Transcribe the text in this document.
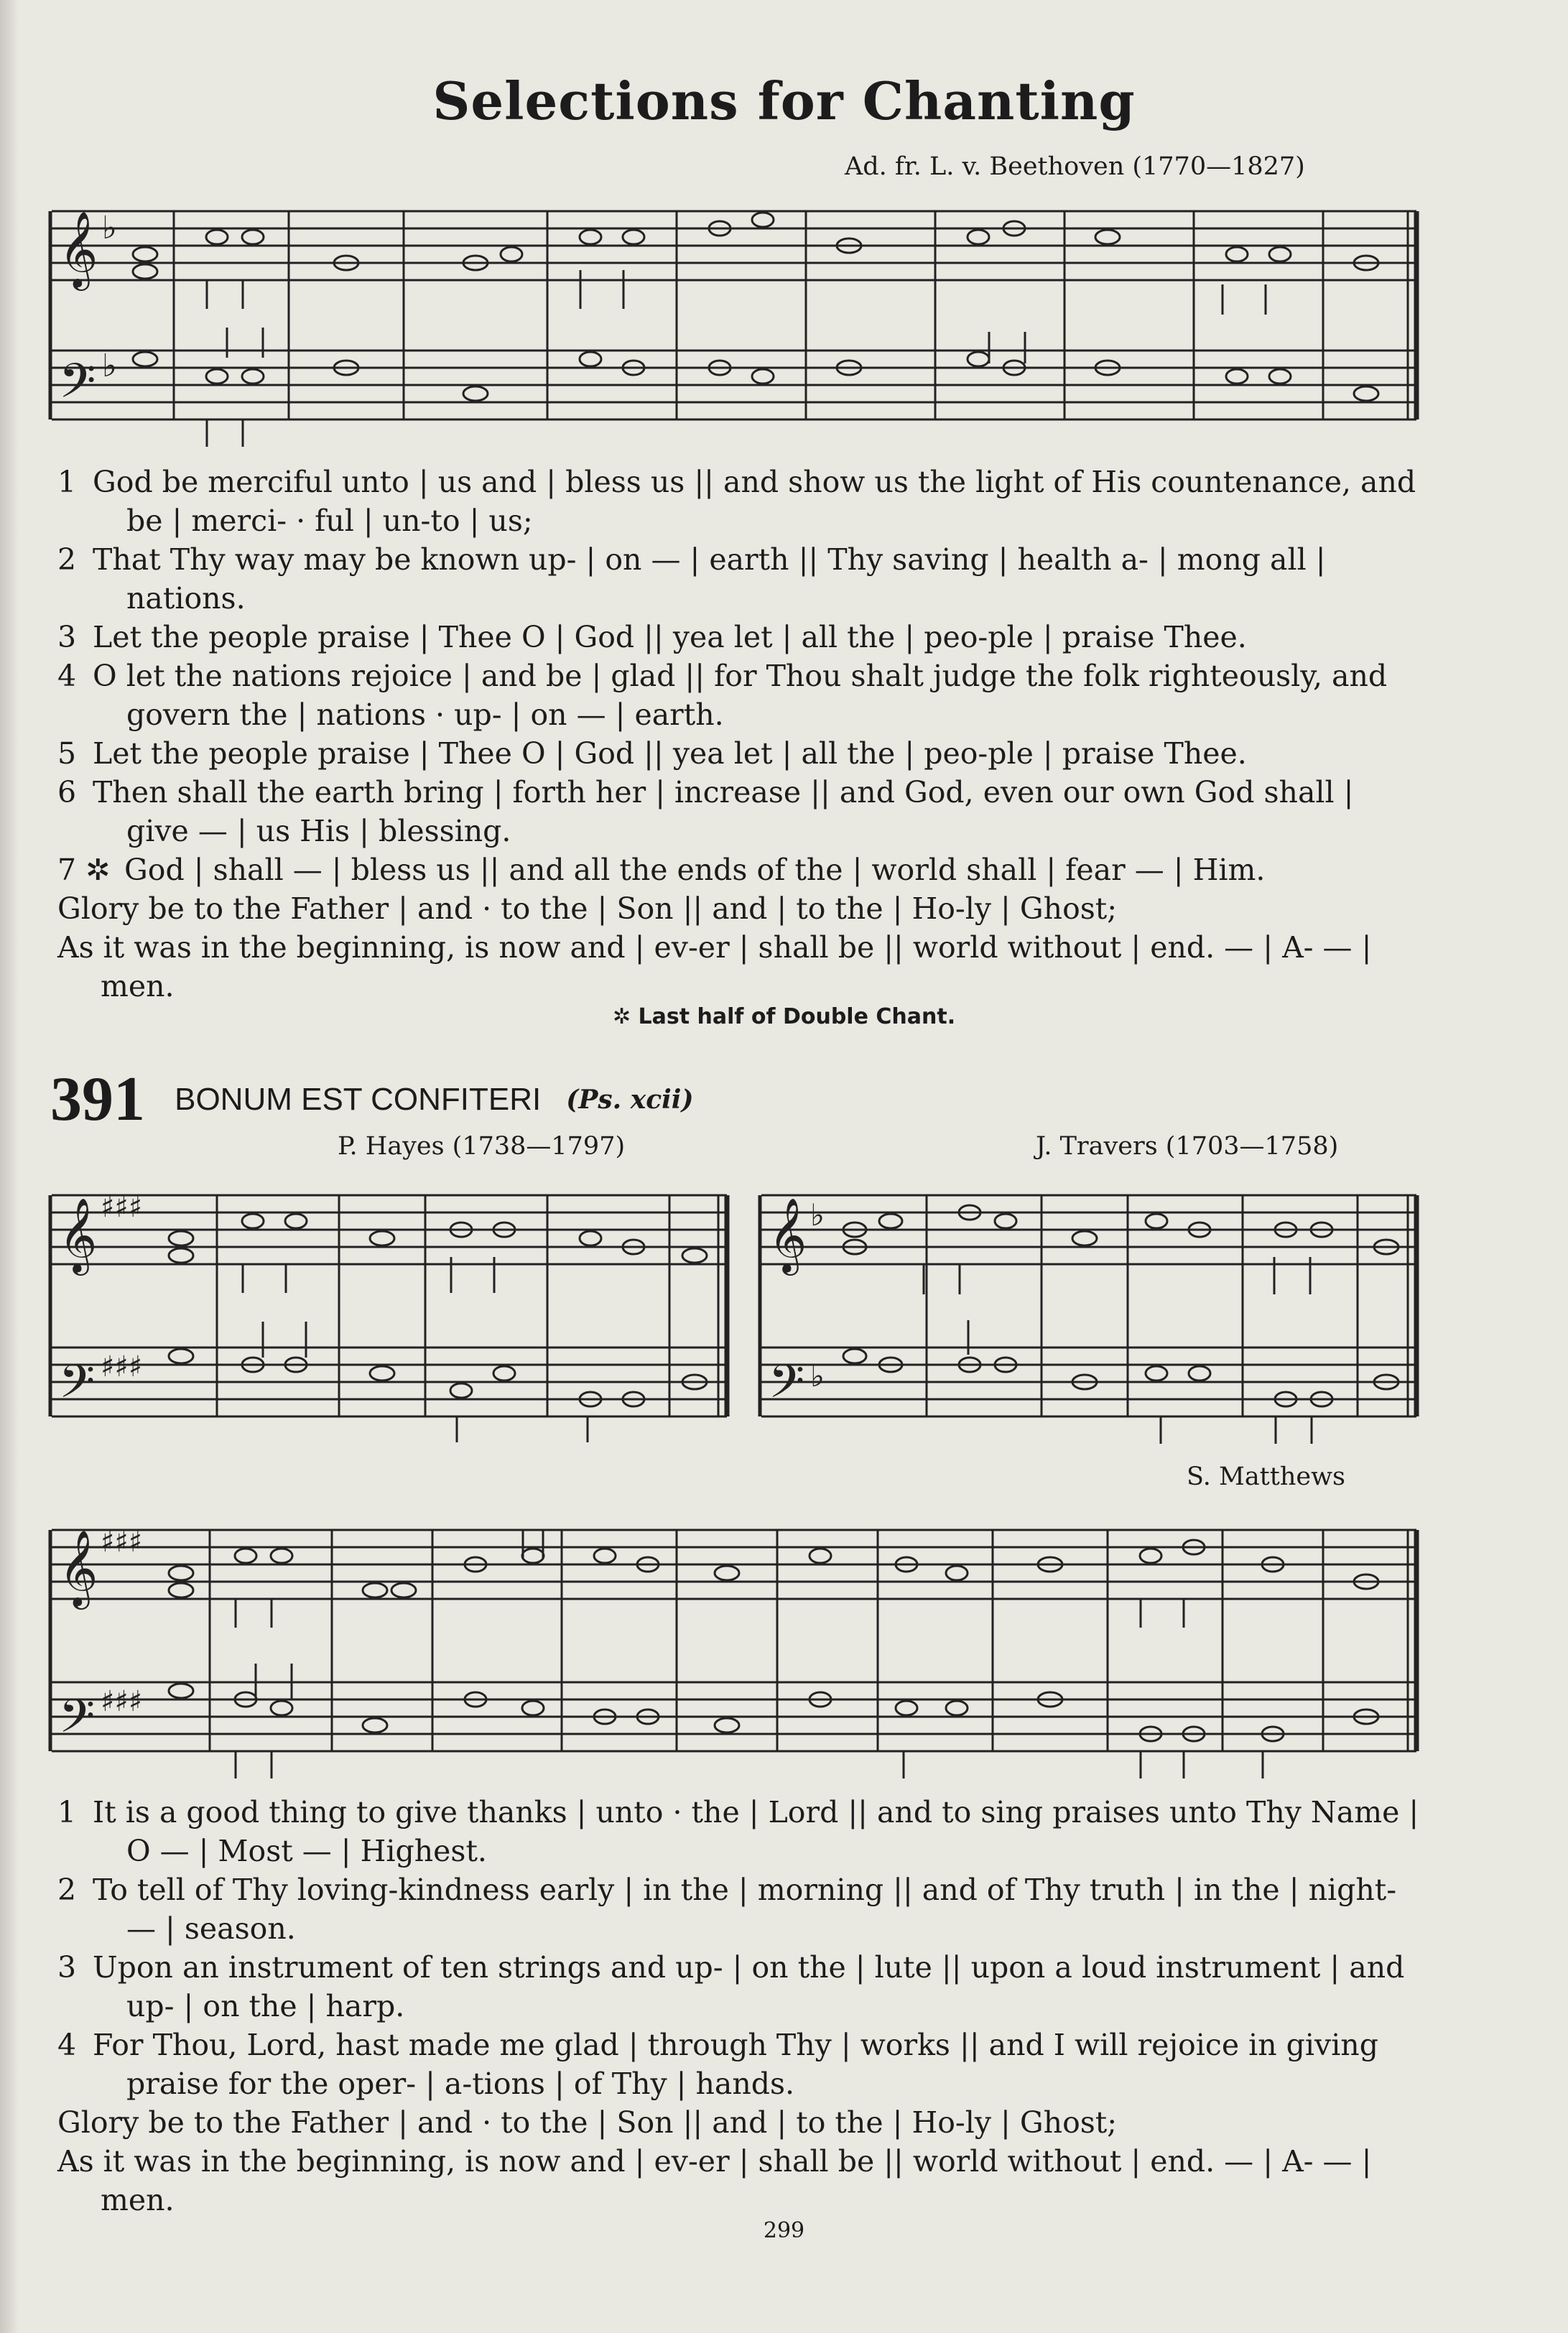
Selections for Chanting
Ad. fr. L. v. Beethoven (1770—1827)
𝄞
𝄢
♭
♭

1 God be merciful unto | us and | bless us || and show us the light of His countenance, and be | merci- · ful | un-to | us;

2 That Thy way may be known up- | on — | earth || Thy saving | health a- | mong all | nations.

3 Let the people praise | Thee O | God || yea let | all the | peo-ple | praise Thee.

4 O let the nations rejoice | and be | glad || for Thou shalt judge the folk righteously, and govern the | nations · up- | on — | earth.

5 Let the people praise | Thee O | God || yea let | all the | peo-ple | praise Thee.

6 Then shall the earth bring | forth her | increase || and God, even our own God shall | give — | us His | blessing.

7 ✲ God | shall — | bless us || and all the ends of the | world shall | fear — | Him.

Glory be to the Father | and · to the | Son || and | to the | Ho-ly | Ghost;

As it was in the beginning, is now and | ev-er | shall be || world without | end. — | A- — | men.

✲ Last half of Double Chant.
391 BONUM EST CONFITERI (Ps. xcii)
P. Hayes (1738—1797)	J. Travers (1703—1758)
𝄞
𝄢
♯♯♯
♯♯♯
𝄞
𝄢
♭
♭
S. Matthews
𝄞
𝄢
♯♯♯
♯♯♯

1 It is a good thing to give thanks | unto · the | Lord || and to sing praises unto Thy Name | O — | Most — | Highest.

2 To tell of Thy loving-kindness early | in the | morning || and of Thy truth | in the | night- — | season.

3 Upon an instrument of ten strings and up- | on the | lute || upon a loud instrument | and up- | on the | harp.

4 For Thou, Lord, hast made me glad | through Thy | works || and I will rejoice in giving praise for the oper- | a-tions | of Thy | hands.

Glory be to the Father | and · to the | Son || and | to the | Ho-ly | Ghost;

As it was in the beginning, is now and | ev-er | shall be || world without | end. — | A- — | men.

299
